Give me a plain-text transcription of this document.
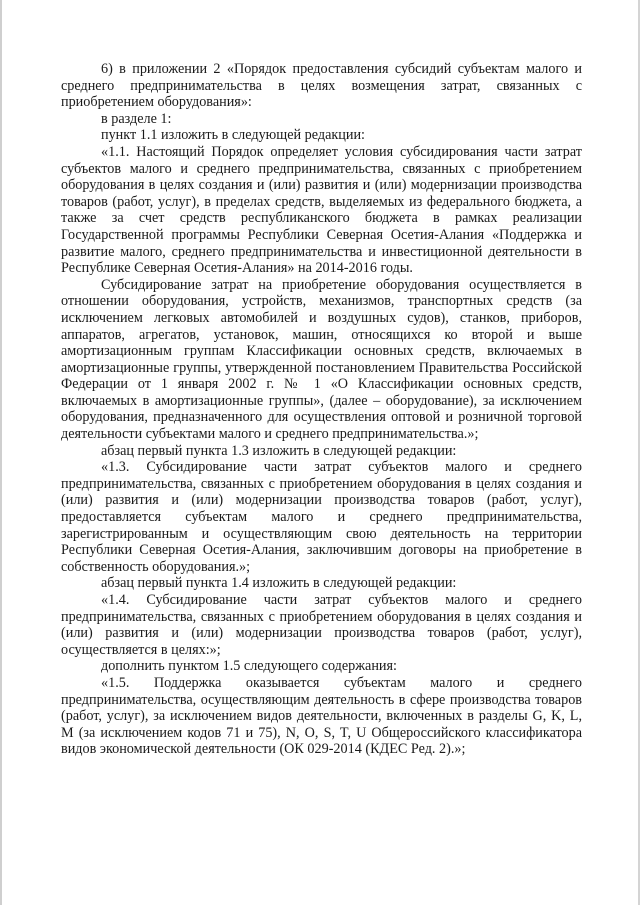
6) в приложении 2 «Порядок предоставления субсидий субъектам малого и среднего предпринимательства в целях возмещения затрат, связанных с приобретением оборудования»:

в разделе 1:

пункт 1.1 изложить в следующей редакции:

«1.1. Настоящий Порядок определяет условия субсидирования части затрат субъектов малого и среднего предпринимательства, связанных с приобретением оборудования в целях создания и (или) развития и (или) модернизации производства товаров (работ, услуг), в пределах средств, выделяемых из федерального бюджета, а также за счет средств республиканского бюджета в рамках реализации Государственной программы Республики Северная Осетия-Алания «Поддержка и развитие малого, среднего предпринимательства и инвестиционной деятельности в Республике Северная Осетия-Алания» на 2014-2016 годы.

Субсидирование затрат на приобретение оборудования осуществляется в отношении оборудования, устройств, механизмов, транспортных средств (за исключением легковых автомобилей и воздушных судов), станков, приборов, аппаратов, агрегатов, установок, машин, относящихся ко второй и выше амортизационным группам Классификации основных средств, включаемых в амортизационные группы, утвержденной постановлением Правительства Российской Федерации от 1 января 2002 г. № 1 «О Классификации основных средств, включаемых в амортизационные группы», (далее – оборудование), за исключением оборудования, предназначенного для осуществления оптовой и розничной торговой деятельности субъектами малого и среднего предпринимательства.»;

абзац первый пункта 1.3 изложить в следующей редакции:

«1.3. Субсидирование части затрат субъектов малого и среднего предпринимательства, связанных с приобретением оборудования в целях создания и (или) развития и (или) модернизации производства товаров (работ, услуг), предоставляется субъектам малого и среднего предпринимательства, зарегистрированным и осуществляющим свою деятельность на территории Республики Северная Осетия-Алания, заключившим договоры на приобретение в собственность оборудования.»;

абзац первый пункта 1.4 изложить в следующей редакции:

«1.4. Субсидирование части затрат субъектов малого и среднего предпринимательства, связанных с приобретением оборудования в целях создания и (или) развития и (или) модернизации производства товаров (работ, услуг), осуществляется в целях:»;

дополнить пунктом 1.5 следующего содержания:

«1.5. Поддержка оказывается субъектам малого и среднего предпринимательства, осуществляющим деятельность в сфере производства товаров (работ, услуг), за исключением видов деятельности, включенных в разделы G, K, L, M (за исключением кодов 71 и 75), N, O, S, T, U Общероссийского классификатора видов экономической деятельности (ОК 029-2014 (КДЕС Ред. 2).»;
